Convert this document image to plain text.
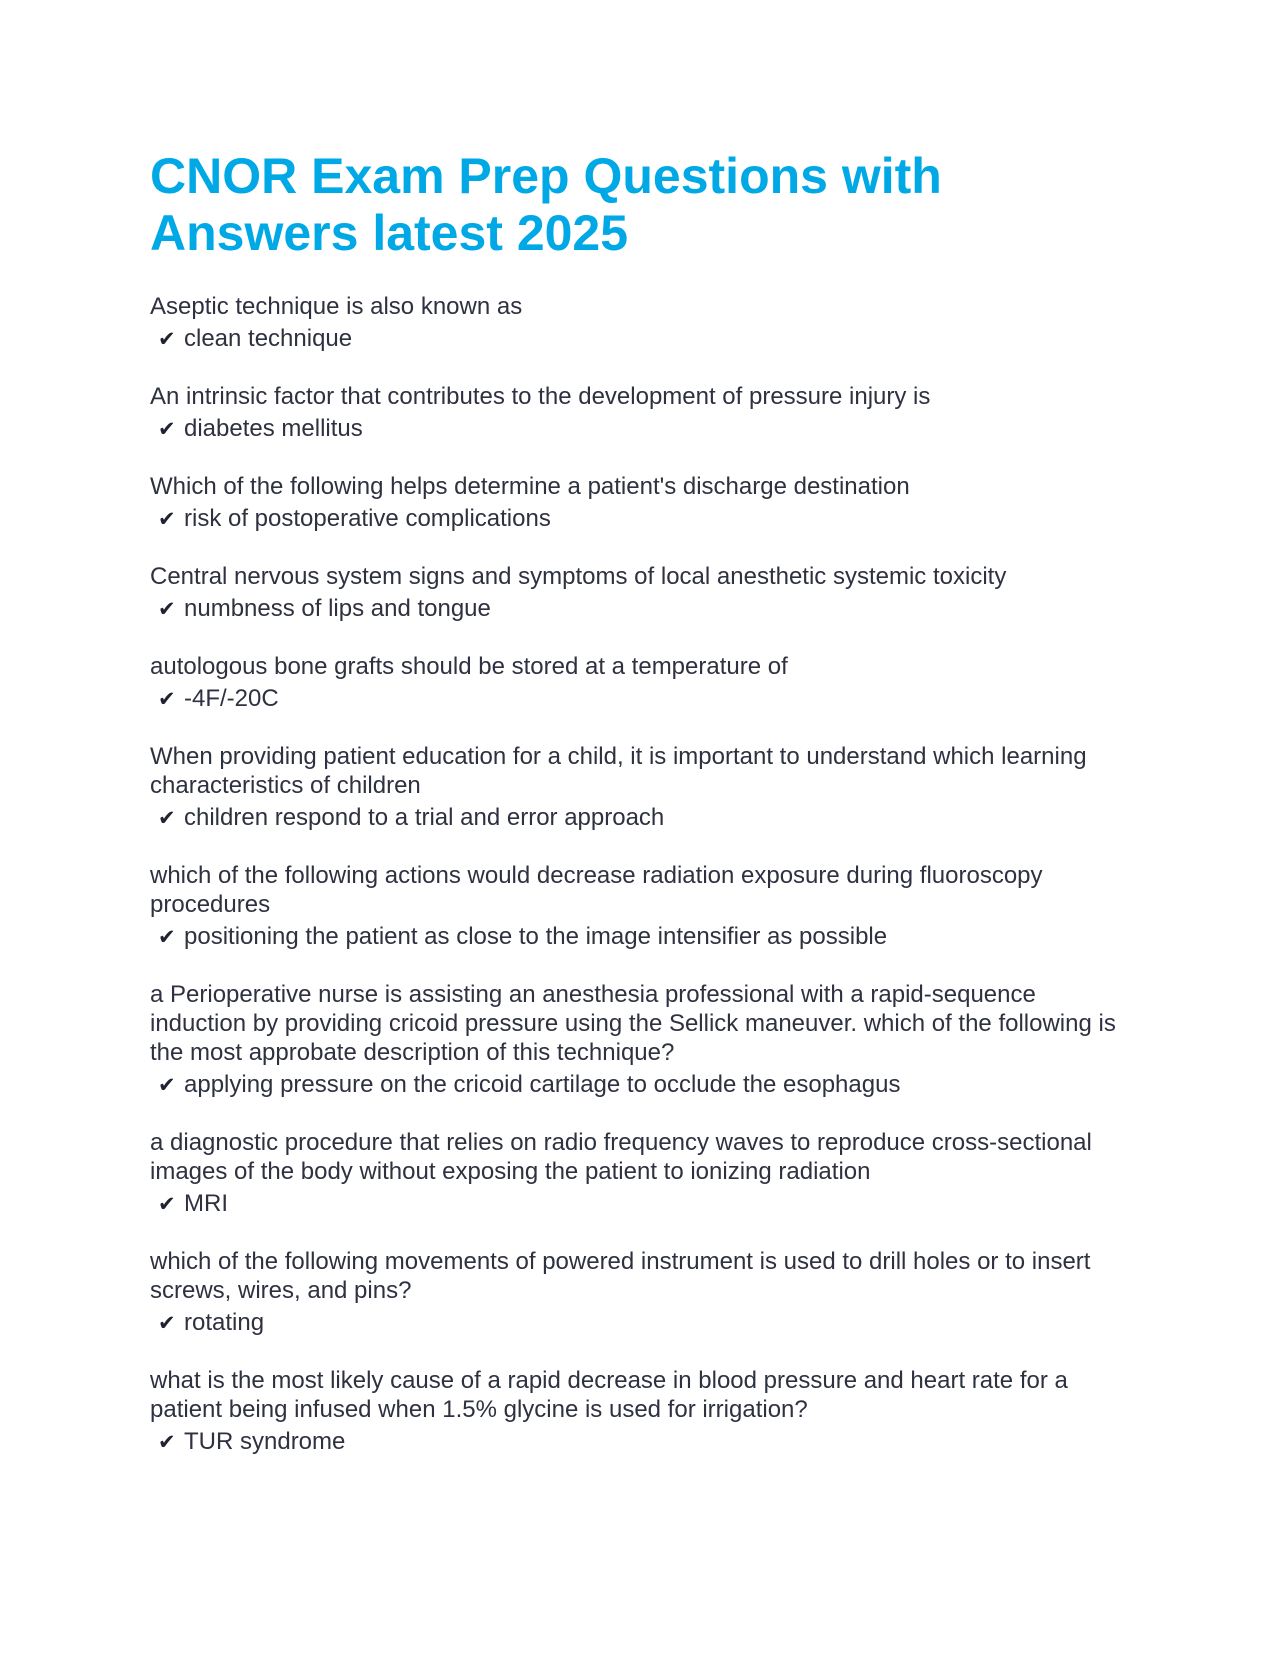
CNOR Exam Prep Questions with Answers latest 2025

Aseptic technique is also known as

✔ clean technique

An intrinsic factor that contributes to the development of pressure injury is

✔ diabetes mellitus

Which of the following helps determine a patient's discharge destination

✔ risk of postoperative complications

Central nervous system signs and symptoms of local anesthetic systemic toxicity

✔ numbness of lips and tongue

autologous bone grafts should be stored at a temperature of

✔ -4F/-20C

When providing patient education for a child, it is important to understand which learning characteristics of children

✔ children respond to a trial and error approach

which of the following actions would decrease radiation exposure during fluoroscopy procedures

✔ positioning the patient as close to the image intensifier as possible

a Perioperative nurse is assisting an anesthesia professional with a rapid-sequence induction by providing cricoid pressure using the Sellick maneuver. which of the following is the most approbate description of this technique?

✔ applying pressure on the cricoid cartilage to occlude the esophagus

a diagnostic procedure that relies on radio frequency waves to reproduce cross-sectional images of the body without exposing the patient to ionizing radiation

✔ MRI

which of the following movements of powered instrument is used to drill holes or to insert screws, wires, and pins?

✔ rotating

what is the most likely cause of a rapid decrease in blood pressure and heart rate for a patient being infused when 1.5% glycine is used for irrigation?

✔ TUR syndrome
